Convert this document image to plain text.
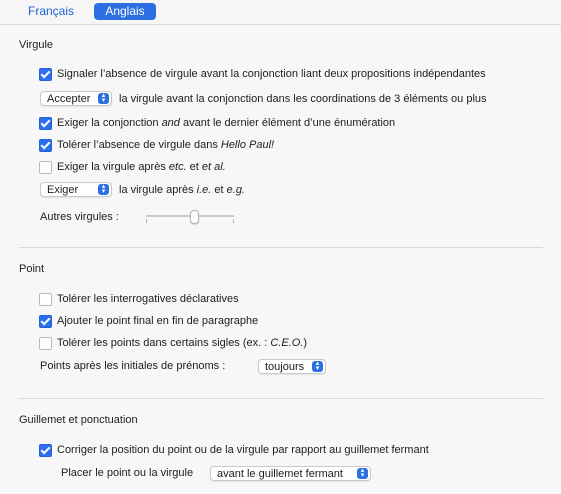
Français	Anglais
Virgule
Signaler l’absence de virgule avant la conjonction liant deux propositions indépendantes
Accepter	▴
▾	la virgule avant la conjonction dans les coordinations de 3 éléments ou plus
Exiger la conjonction and avant le dernier élément d’une énumération
Tolérer l’absence de virgule dans Hello Paul!
Exiger la virgule après etc. et et al.
Exiger	▴
▾	la virgule après i.e. et e.g.
Autres virgules :
Point
Tolérer les interrogatives déclaratives
Ajouter le point final en fin de paragraphe
Tolérer les points dans certains sigles (ex. : C.E.O.)
Points après les initiales de prénoms :	toujours	▴
▾
Guillemet et ponctuation
Corriger la position du point ou de la virgule par rapport au guillemet fermant
Placer le point ou la virgule	avant le guillemet fermant	▴
▾
